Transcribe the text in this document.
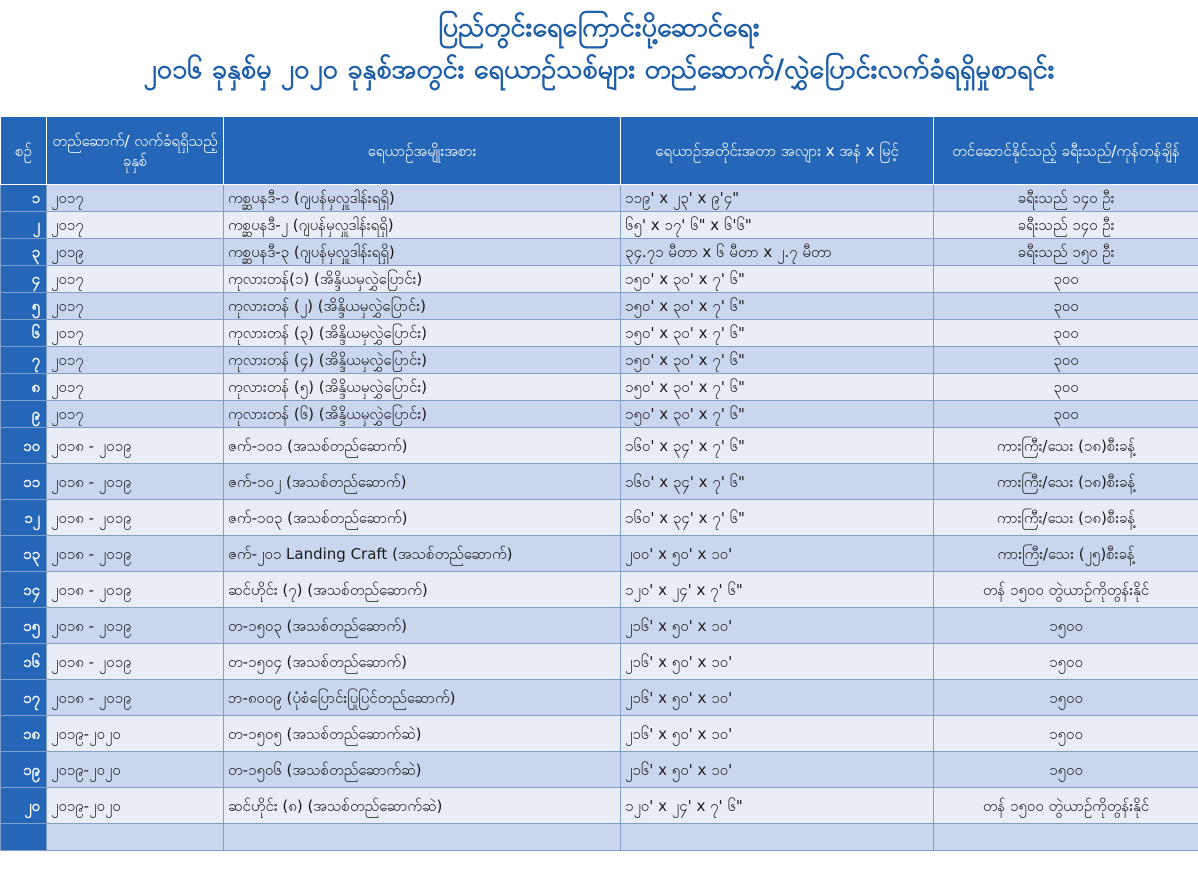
ပြည်တွင်းရေကြောင်းပို့ဆောင်ရေး
၂၀၁၆ ခုနှစ်မှ ၂၀၂၀ ခုနှစ်အတွင်း ရေယာဉ်သစ်များ တည်ဆောက်/လွှဲပြောင်းလက်ခံရရှိမှုစာရင်း
စဉ်	တည်ဆောက်/ လက်ခံရရှိသည့်ခုနှစ်	ရေယာဉ်အမျိုးအစား	ရေယာဉ်အတိုင်းအတာ အလျား x အနံ x မြင့်	တင်ဆောင်နိုင်သည့် ခရီးသည်/ကုန်တန်ချိန်
၁	၂၀၁၇	ကစ္ဆပနဒီ-၁ (ဂျပန်မှလှူဒါန်းရရှိ)	၁၁၉' x ၂၃' x ၉'၄"	ခရီးသည် ၁၄၀ ဦး
၂	၂၀၁၇	ကစ္ဆပနဒီ-၂ (ဂျပန်မှလှူဒါန်းရရှိ)	၆၅' x ၁၇' ၆" x ၆'၆"	ခရီးသည် ၁၄၀ ဦး
၃	၂၀၁၉	ကစ္ဆပနဒီ-၃ (ဂျပန်မှလှူဒါန်းရရှိ)	၃၄.၇၁ မီတာ x ၆ မီတာ x ၂.၇ မီတာ	ခရီးသည် ၁၅၀ ဦး
၄	၂၀၁၇	ကုလားတန်(၁) (အိန္ဒိယမှလွှဲပြောင်း)	၁၅၀' x ၃၀' x ၇' ၆"	၃၀၀
၅	၂၀၁၇	ကုလားတန် (၂) (အိန္ဒိယမှလွှဲပြောင်း)	၁၅၀' x ၃၀' x ၇' ၆"	၃၀၀
၆	၂၀၁၇	ကုလားတန် (၃) (အိန္ဒိယမှလွှဲပြောင်း)	၁၅၀' x ၃၀' x ၇' ၆"	၃၀၀
၇	၂၀၁၇	ကုလားတန် (၄) (အိန္ဒိယမှလွှဲပြောင်း)	၁၅၀' x ၃၀' x ၇' ၆"	၃၀၀
၈	၂၀၁၇	ကုလားတန် (၅) (အိန္ဒိယမှလွှဲပြောင်း)	၁၅၀' x ၃၀' x ၇' ၆"	၃၀၀
၉	၂၀၁၇	ကုလားတန် (၆) (အိန္ဒိယမှလွှဲပြောင်း)	၁၅၀' x ၃၀' x ၇' ၆"	၃၀၀
၁၀	၂၀၁၈ - ၂၀၁၉	ဇက်-၁၀၁ (အသစ်တည်ဆောက်)	၁၆၀' x ၃၄' x ၇' ၆"	ကားကြီး/သေး (၁၈)စီးခန့်
၁၁	၂၀၁၈ - ၂၀၁၉	ဇက်-၁၀၂ (အသစ်တည်ဆောက်)	၁၆၀' x ၃၄' x ၇' ၆"	ကားကြီး/သေး (၁၈)စီးခန့်
၁၂	၂၀၁၈ - ၂၀၁၉	ဇက်-၁၀၃ (အသစ်တည်ဆောက်)	၁၆၀' x ၃၄' x ၇' ၆"	ကားကြီး/သေး (၁၈)စီးခန့်
၁၃	၂၀၁၈ - ၂၀၁၉	ဇက်-၂၀၁ Landing Craft (အသစ်တည်ဆောက်)	၂၀၀' x ၅၀' x ၁၀'	ကားကြီး/သေး (၂၅)စီးခန့်
၁၄	၂၀၁၈ - ၂၀၁၉	ဆင်ဟိုင်း (၇) (အသစ်တည်ဆောက်)	၁၂၀' x ၂၄' x ၇' ၆"	တန် ၁၅၀၀ တွဲယာဉ်ကိုတွန်းနိုင်
၁၅	၂၀၁၈ - ၂၀၁၉	တ-၁၅၀၃ (အသစ်တည်ဆောက်)	၂၁၆' x ၅၀' x ၁၀'	၁၅၀၀
၁၆	၂၀၁၈ - ၂၀၁၉	တ-၁၅၀၄ (အသစ်တည်ဆောက်)	၂၁၆' x ၅၀' x ၁၀'	၁၅၀၀
၁၇	၂၀၁၈ - ၂၀၁၉	ဘ-၈၀၀၉ (ပုံစံပြောင်းပြုပြင်တည်ဆောက်)	၂၁၆' x ၅၀' x ၁၀'	၁၅၀၀
၁၈	၂၀၁၉-၂၀၂၀	တ-၁၅၀၅ (အသစ်တည်ဆောက်ဆဲ)	၂၁၆' x ၅၀' x ၁၀'	၁၅၀၀
၁၉	၂၀၁၉-၂၀၂၀	တ-၁၅၀၆ (အသစ်တည်ဆောက်ဆဲ)	၂၁၆' x ၅၀' x ၁၀'	၁၅၀၀
၂၀	၂၀၁၉-၂၀၂၀	ဆင်ဟိုင်း (၈) (အသစ်တည်ဆောက်ဆဲ)	၁၂၀' x ၂၄' x ၇' ၆"	တန် ၁၅၀၀ တွဲယာဉ်ကိုတွန်းနိုင်
